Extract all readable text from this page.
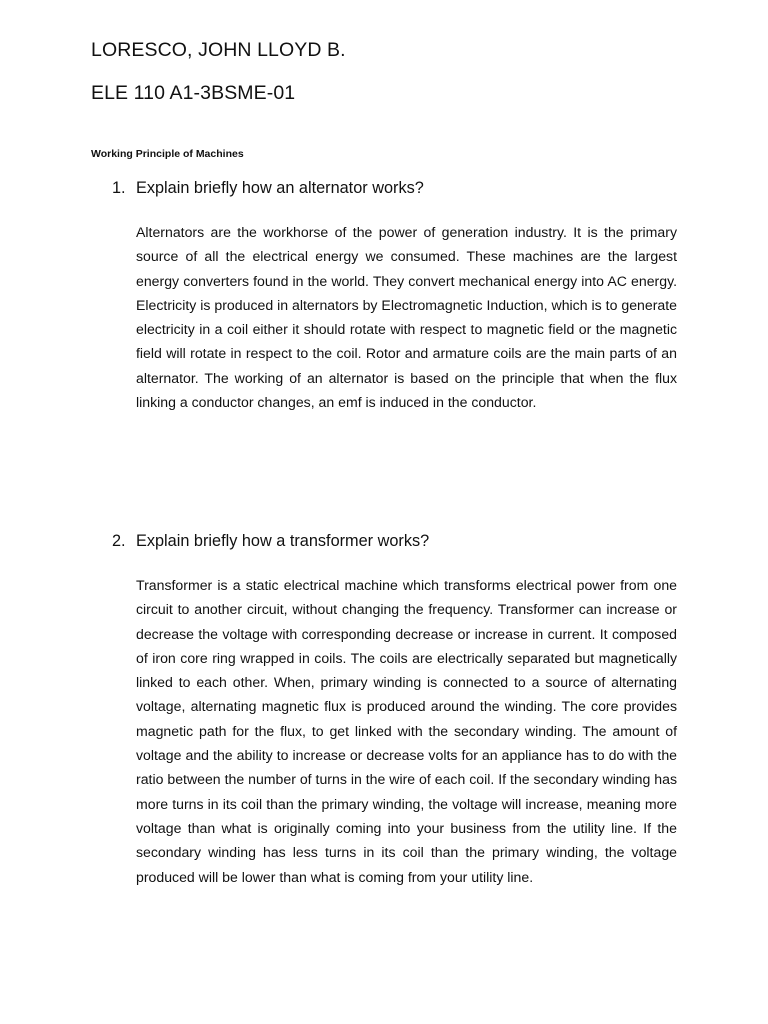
LORESCO, JOHN LLOYD B.
ELE 110 A1-3BSME-01
Working Principle of Machines
1. Explain briefly how an alternator works?
Alternators are the workhorse of the power of generation industry. It is the primary source of all the electrical energy we consumed. These machines are the largest energy converters found in the world. They convert mechanical energy into AC energy. Electricity is produced in alternators by Electromagnetic Induction, which is to generate electricity in a coil either it should rotate with respect to magnetic field or the magnetic field will rotate in respect to the coil. Rotor and armature coils are the main parts of an alternator. The working of an alternator is based on the principle that when the flux linking a conductor changes, an emf is induced in the conductor.
2. Explain briefly how a transformer works?
Transformer is a static electrical machine which transforms electrical power from one circuit to another circuit, without changing the frequency. Transformer can increase or decrease the voltage with corresponding decrease or increase in current. It composed of iron core ring wrapped in coils. The coils are electrically separated but magnetically linked to each other. When, primary winding is connected to a source of alternating voltage, alternating magnetic flux is produced around the winding. The core provides magnetic path for the flux, to get linked with the secondary winding. The amount of voltage and the ability to increase or decrease volts for an appliance has to do with the ratio between the number of turns in the wire of each coil. If the secondary winding has more turns in its coil than the primary winding, the voltage will increase, meaning more voltage than what is originally coming into your business from the utility line. If the secondary winding has less turns in its coil than the primary winding, the voltage produced will be lower than what is coming from your utility line.
